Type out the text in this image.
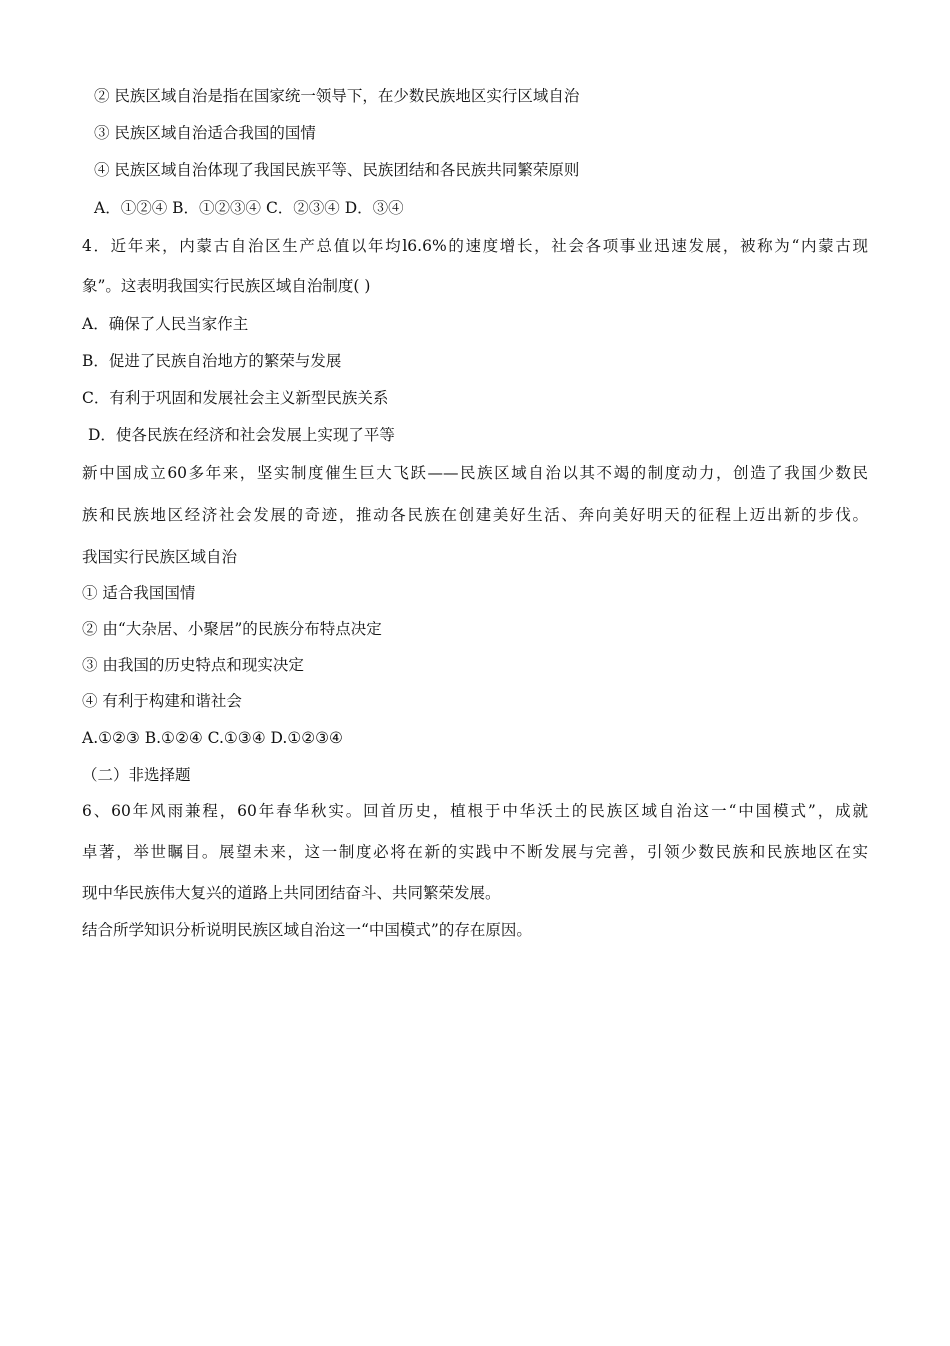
② 民族区域自治是指在国家统一领导下，在少数民族地区实行区域自治
③ 民族区域自治适合我国的国情
④ 民族区域自治体现了我国民族平等、民族团结和各民族共同繁荣原则
A．①②④ B．①②③④ C．②③④ D．③④
4．近年来，内蒙古自治区生产总值以年均l6.6%的速度增长，社会各项事业迅速发展，被称为“内蒙古现
象”。这表明我国实行民族区域自治制度( )
A．确保了人民当家作主
B．促进了民族自治地方的繁荣与发展
C．有利于巩固和发展社会主义新型民族关系
D．使各民族在经济和社会发展上实现了平等
新中国成立60多年来，坚实制度催生巨大飞跃——民族区域自治以其不竭的制度动力，创造了我国少数民
族和民族地区经济社会发展的奇迹，推动各民族在创建美好生活、奔向美好明天的征程上迈出新的步伐。
我国实行民族区域自治
① 适合我国国情
② 由“大杂居、小聚居”的民族分布特点决定
③ 由我国的历史特点和现实决定
④ 有利于构建和谐社会
A.①②③ B.①②④ C.①③④ D.①②③④
（二）非选择题
6、60年风雨兼程，60年春华秋实。回首历史，植根于中华沃土的民族区域自治这一“中国模式”，成就
卓著，举世瞩目。展望未来，这一制度必将在新的实践中不断发展与完善，引领少数民族和民族地区在实
现中华民族伟大复兴的道路上共同团结奋斗、共同繁荣发展。
结合所学知识分析说明民族区域自治这一“中国模式”的存在原因。
